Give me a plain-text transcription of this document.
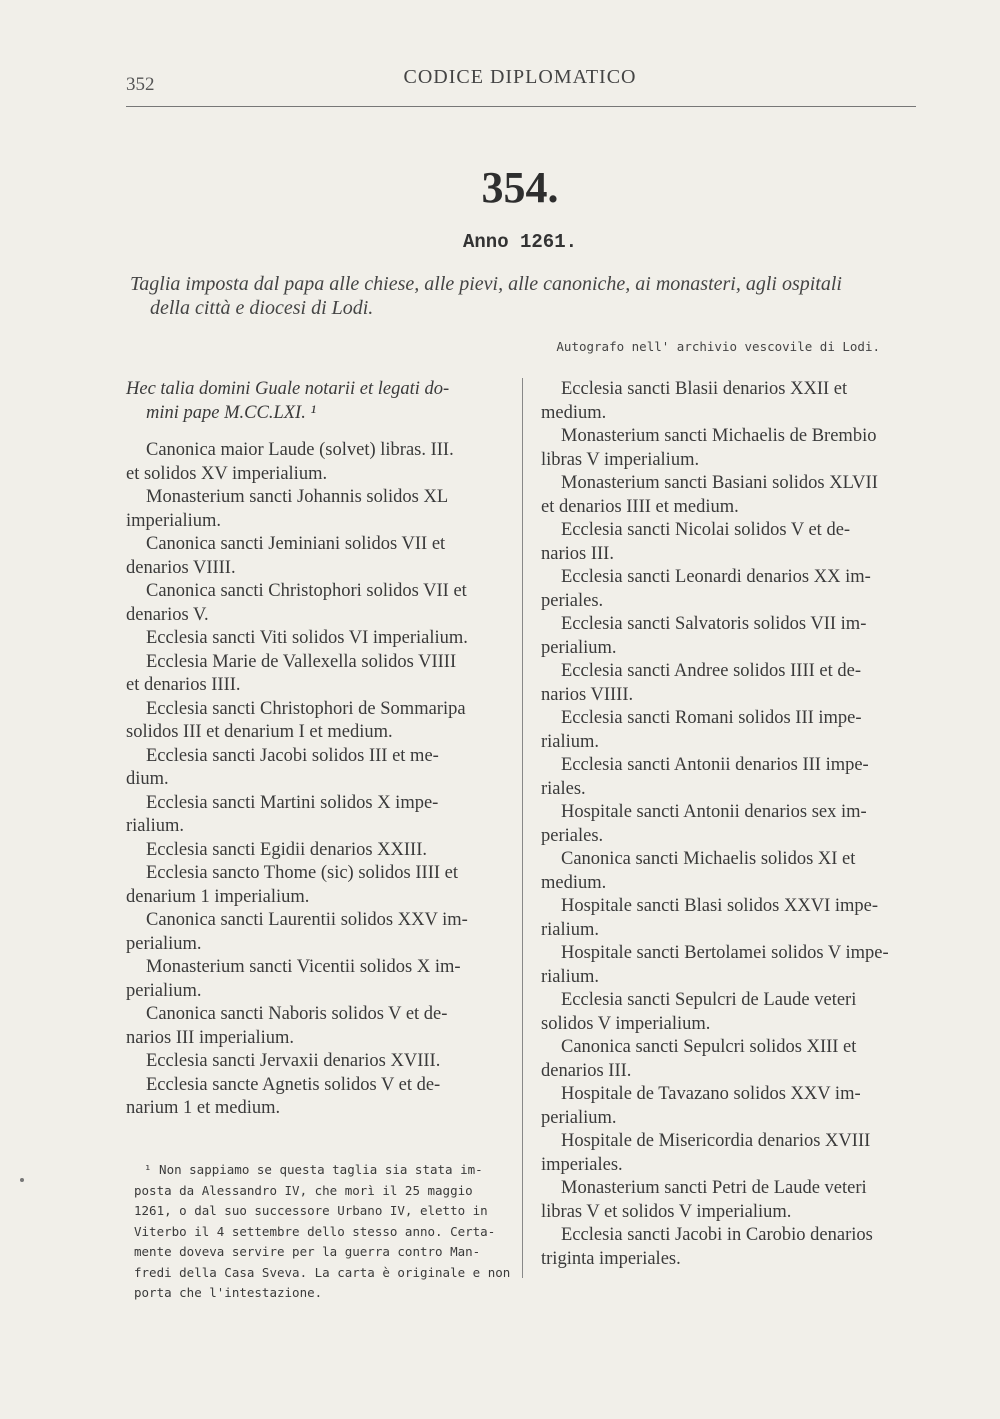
352	CODICE DIPLOMATICO
354.
Anno 1261.
Taglia imposta dal papa alle chiese, alle pievi, alle canoniche, ai monasteri, agli ospitali
della città e diocesi di Lodi.
Autografo nell' archivio vescovile di Lodi.
Hec talia domini Guale notarii et legati do-
mini pape M.CC.LXI. ¹
Canonica maior Laude (solvet) libras. III.
et solidos XV imperialium.
Monasterium sancti Johannis solidos XL
imperialium.
Canonica sancti Jeminiani solidos VII et
denarios VIIII.
Canonica sancti Christophori solidos VII et
denarios V.
Ecclesia sancti Viti solidos VI imperialium.
Ecclesia Marie de Vallexella solidos VIIII
et denarios IIII.
Ecclesia sancti Christophori de Sommaripa
solidos III et denarium I et medium.
Ecclesia sancti Jacobi solidos III et me-
dium.
Ecclesia sancti Martini solidos X impe-
rialium.
Ecclesia sancti Egidii denarios XXIII.
Ecclesia sancto Thome (sic) solidos IIII et
denarium 1 imperialium.
Canonica sancti Laurentii solidos XXV im-
perialium.
Monasterium sancti Vicentii solidos X im-
perialium.
Canonica sancti Naboris solidos V et de-
narios III imperialium.
Ecclesia sancti Jervaxii denarios XVIII.
Ecclesia sancte Agnetis solidos V et de-
narium 1 et medium.
Ecclesia sancti Blasii denarios XXII et
medium.
Monasterium sancti Michaelis de Brembio
libras V imperialium.
Monasterium sancti Basiani solidos XLVII
et denarios IIII et medium.
Ecclesia sancti Nicolai solidos V et de-
narios III.
Ecclesia sancti Leonardi denarios XX im-
periales.
Ecclesia sancti Salvatoris solidos VII im-
perialium.
Ecclesia sancti Andree solidos IIII et de-
narios VIIII.
Ecclesia sancti Romani solidos III impe-
rialium.
Ecclesia sancti Antonii denarios III impe-
riales.
Hospitale sancti Antonii denarios sex im-
periales.
Canonica sancti Michaelis solidos XI et
medium.
Hospitale sancti Blasi solidos XXVI impe-
rialium.
Hospitale sancti Bertolamei solidos V impe-
rialium.
Ecclesia sancti Sepulcri de Laude veteri
solidos V imperialium.
Canonica sancti Sepulcri solidos XIII et
denarios III.
Hospitale de Tavazano solidos XXV im-
perialium.
Hospitale de Misericordia denarios XVIII
imperiales.
Monasterium sancti Petri de Laude veteri
libras V et solidos V imperialium.
Ecclesia sancti Jacobi in Carobio denarios
triginta imperiales.
¹ Non sappiamo se questa taglia sia stata im-
posta da Alessandro IV, che morì il 25 maggio
1261, o dal suo successore Urbano IV, eletto in
Viterbo il 4 settembre dello stesso anno. Certa-
mente doveva servire per la guerra contro Man-
fredi della Casa Sveva. La carta è originale e non
porta che l'intestazione.
